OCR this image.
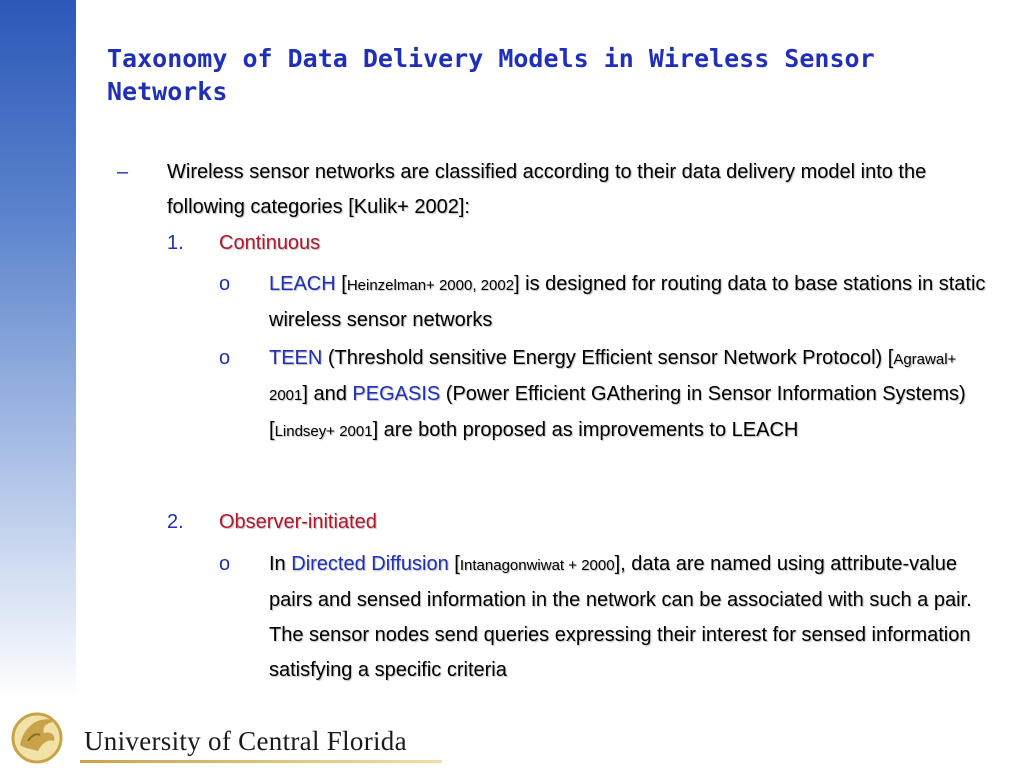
Taxonomy of Data Delivery Models in Wireless Sensor Networks
– Wireless sensor networks are classified according to their data delivery model into the following categories [Kulik+ 2002]:
1. Continuous
o LEACH [Heinzelman+ 2000, 2002] is designed for routing data to base stations in static wireless sensor networks
o TEEN (Threshold sensitive Energy Efficient sensor Network Protocol) [Agrawal+ 2001] and PEGASIS (Power Efficient GAthering in Sensor Information Systems) [Lindsey+ 2001] are both proposed as improvements to LEACH
2. Observer-initiated
o In Directed Diffusion [Intanagonwiwat + 2000], data are named using attribute-value pairs and sensed information in the network can be associated with such a pair. The sensor nodes send queries expressing their interest for sensed information satisfying a specific criteria
University of Central Florida
